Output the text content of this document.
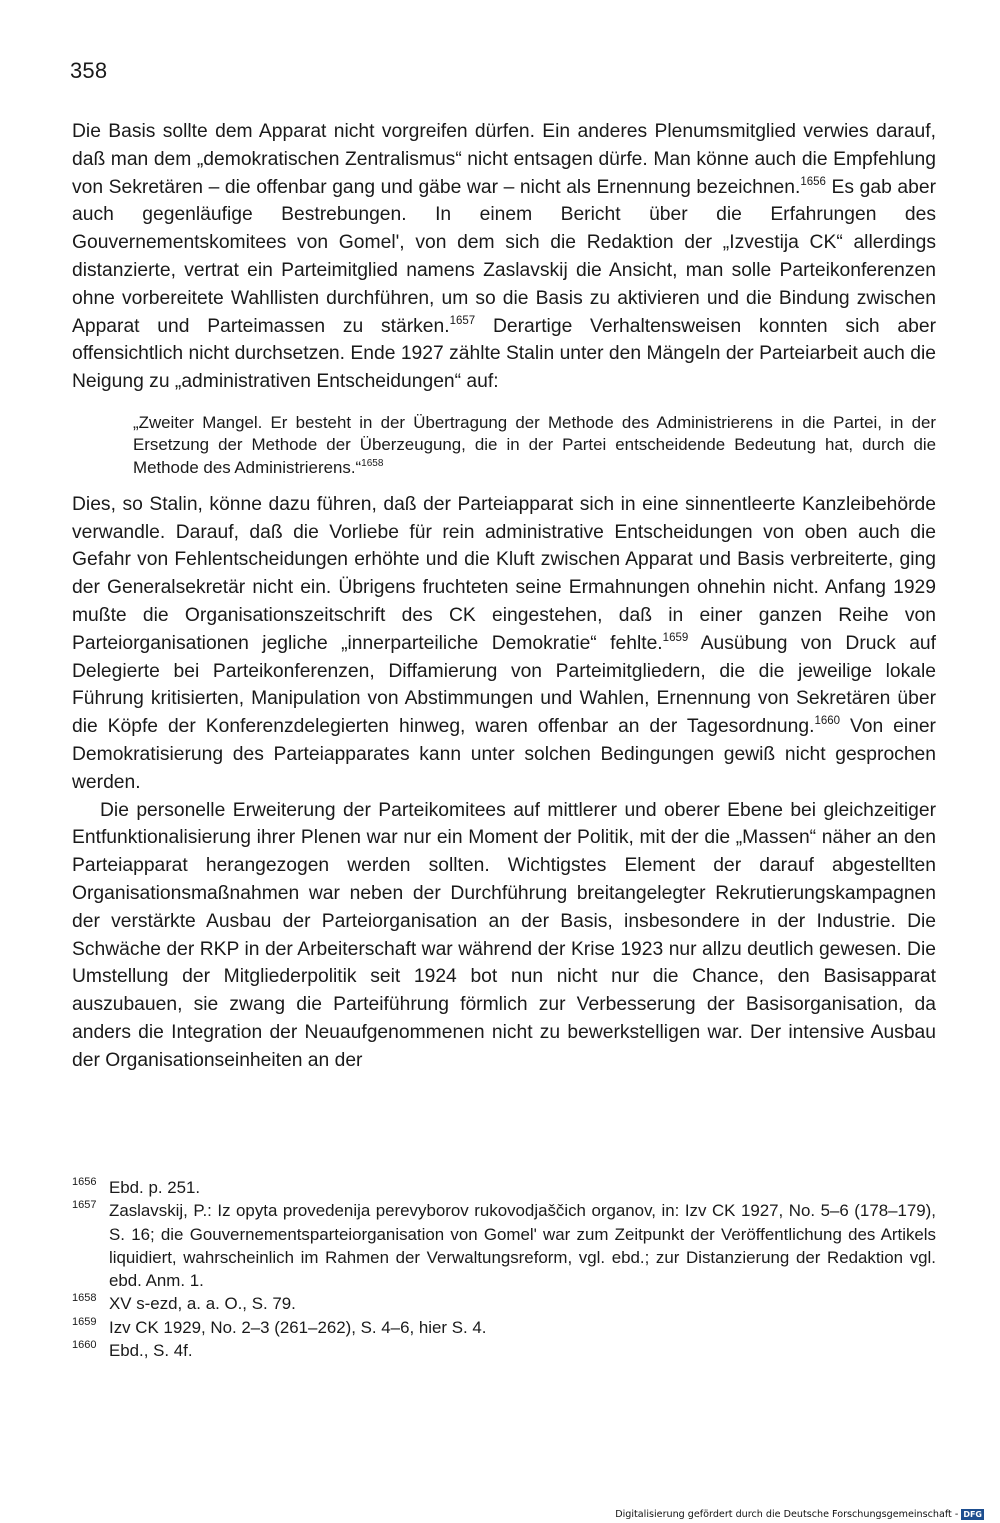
358

Die Basis sollte dem Apparat nicht vorgreifen dürfen. Ein anderes Plenumsmitglied verwies darauf, daß man dem „demokratischen Zentralismus“ nicht entsagen dürfe. Man könne auch die Empfehlung von Sekretären – die offenbar gang und gäbe war – nicht als Ernennung bezeichnen.$^{1656}$ Es gab aber auch gegenläufige Bestrebungen. In einem Bericht über die Erfahrungen des Gouvernementskomitees von Gomel', von dem sich die Redaktion der „Izvestija CK“ allerdings distanzierte, vertrat ein Parteimitglied namens Zaslavskij die Ansicht, man solle Parteikonferenzen ohne vorbereitete Wahllisten durchführen, um so die Basis zu aktivieren und die Bindung zwischen Apparat und Parteimassen zu stärken.$^{1657}$ Derartige Verhaltensweisen konnten sich aber offensichtlich nicht durchsetzen. Ende 1927 zählte Stalin unter den Mängeln der Parteiarbeit auch die Neigung zu „administrativen Entscheidungen“ auf:

„Zweiter Mangel. Er besteht in der Übertragung der Methode des Administrierens in die Partei, in der Ersetzung der Methode der Überzeugung, die in der Partei entscheidende Bedeutung hat, durch die Methode des Administrierens.“$^{1658}$

Dies, so Stalin, könne dazu führen, daß der Parteiapparat sich in eine sinnentleerte Kanzleibehörde verwandle. Darauf, daß die Vorliebe für rein administrative Entscheidungen von oben auch die Gefahr von Fehlentscheidungen erhöhte und die Kluft zwischen Apparat und Basis verbreiterte, ging der Generalsekretär nicht ein. Übrigens fruchteten seine Ermahnungen ohnehin nicht. Anfang 1929 mußte die Organisationszeitschrift des CK eingestehen, daß in einer ganzen Reihe von Parteiorganisationen jegliche „innerparteiliche Demokratie“ fehlte.$^{1659}$ Ausübung von Druck auf Delegierte bei Parteikonferenzen, Diffamierung von Parteimitgliedern, die die jeweilige lokale Führung kritisierten, Manipulation von Abstimmungen und Wahlen, Ernennung von Sekretären über die Köpfe der Konferenzdelegierten hinweg, waren offenbar an der Tagesordnung.$^{1660}$ Von einer Demokratisierung des Parteiapparates kann unter solchen Bedingungen gewiß nicht gesprochen werden.

Die personelle Erweiterung der Parteikomitees auf mittlerer und oberer Ebene bei gleichzeitiger Entfunktionalisierung ihrer Plenen war nur ein Moment der Politik, mit der die „Massen“ näher an den Parteiapparat herangezogen werden sollten. Wichtigstes Element der darauf abgestellten Organisationsmaßnahmen war neben der Durchführung breitangelegter Rekrutierungskampagnen der verstärkte Ausbau der Parteiorganisation an der Basis, insbesondere in der Industrie. Die Schwäche der RKP in der Arbeiterschaft war während der Krise 1923 nur allzu deutlich gewesen. Die Umstellung der Mitgliederpolitik seit 1924 bot nun nicht nur die Chance, den Basisapparat auszubauen, sie zwang die Parteiführung förmlich zur Verbesserung der Basisorganisation, da anders die Integration der Neuaufgenommenen nicht zu bewerkstelligen war. Der intensive Ausbau der Organisationseinheiten an der

1656 Ebd. p. 251.
1657 Zaslavskij, P.: Iz opyta provedenija perevyborov rukovodjaščich organov, in: Izv CK 1927, No. 5–6 (178–179), S. 16; die Gouvernementsparteiorganisation von Gomel' war zum Zeitpunkt der Veröffentlichung des Artikels liquidiert, wahrscheinlich im Rahmen der Verwaltungsreform, vgl. ebd.; zur Distanzierung der Redaktion vgl. ebd. Anm. 1.
1658 XV s-ezd, a. a. O., S. 79.
1659 Izv CK 1929, No. 2–3 (261–262), S. 4–6, hier S. 4.
1660 Ebd., S. 4f.
Digitalisierung gefördert durch die Deutsche Forschungsgemeinschaft - DFG
